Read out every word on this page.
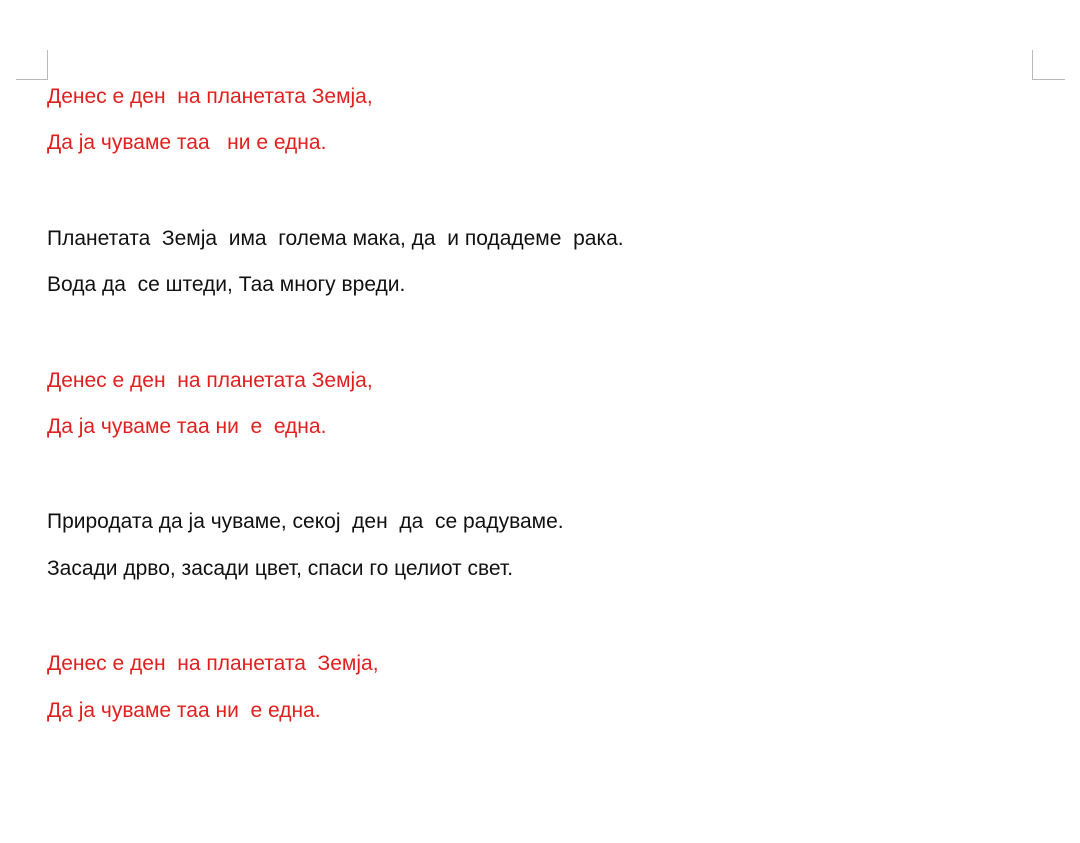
Денес е ден  на планетата Земја,

Да ја чуваме таа   ни е една.

Планетата  Земја  има  голема мака, да  и подадеме  рака.

Вода да  се штеди, Таа многу вреди.

Денес е ден  на планетата Земја,

Да ја чуваме таа ни  е  една.

Природата да ја чуваме, секој  ден  да  се радуваме.

Засади дрво, засади цвет, спаси го целиот свет.

Денес е ден  на планетата  Земја,

Да ја чуваме таа ни  е една.
